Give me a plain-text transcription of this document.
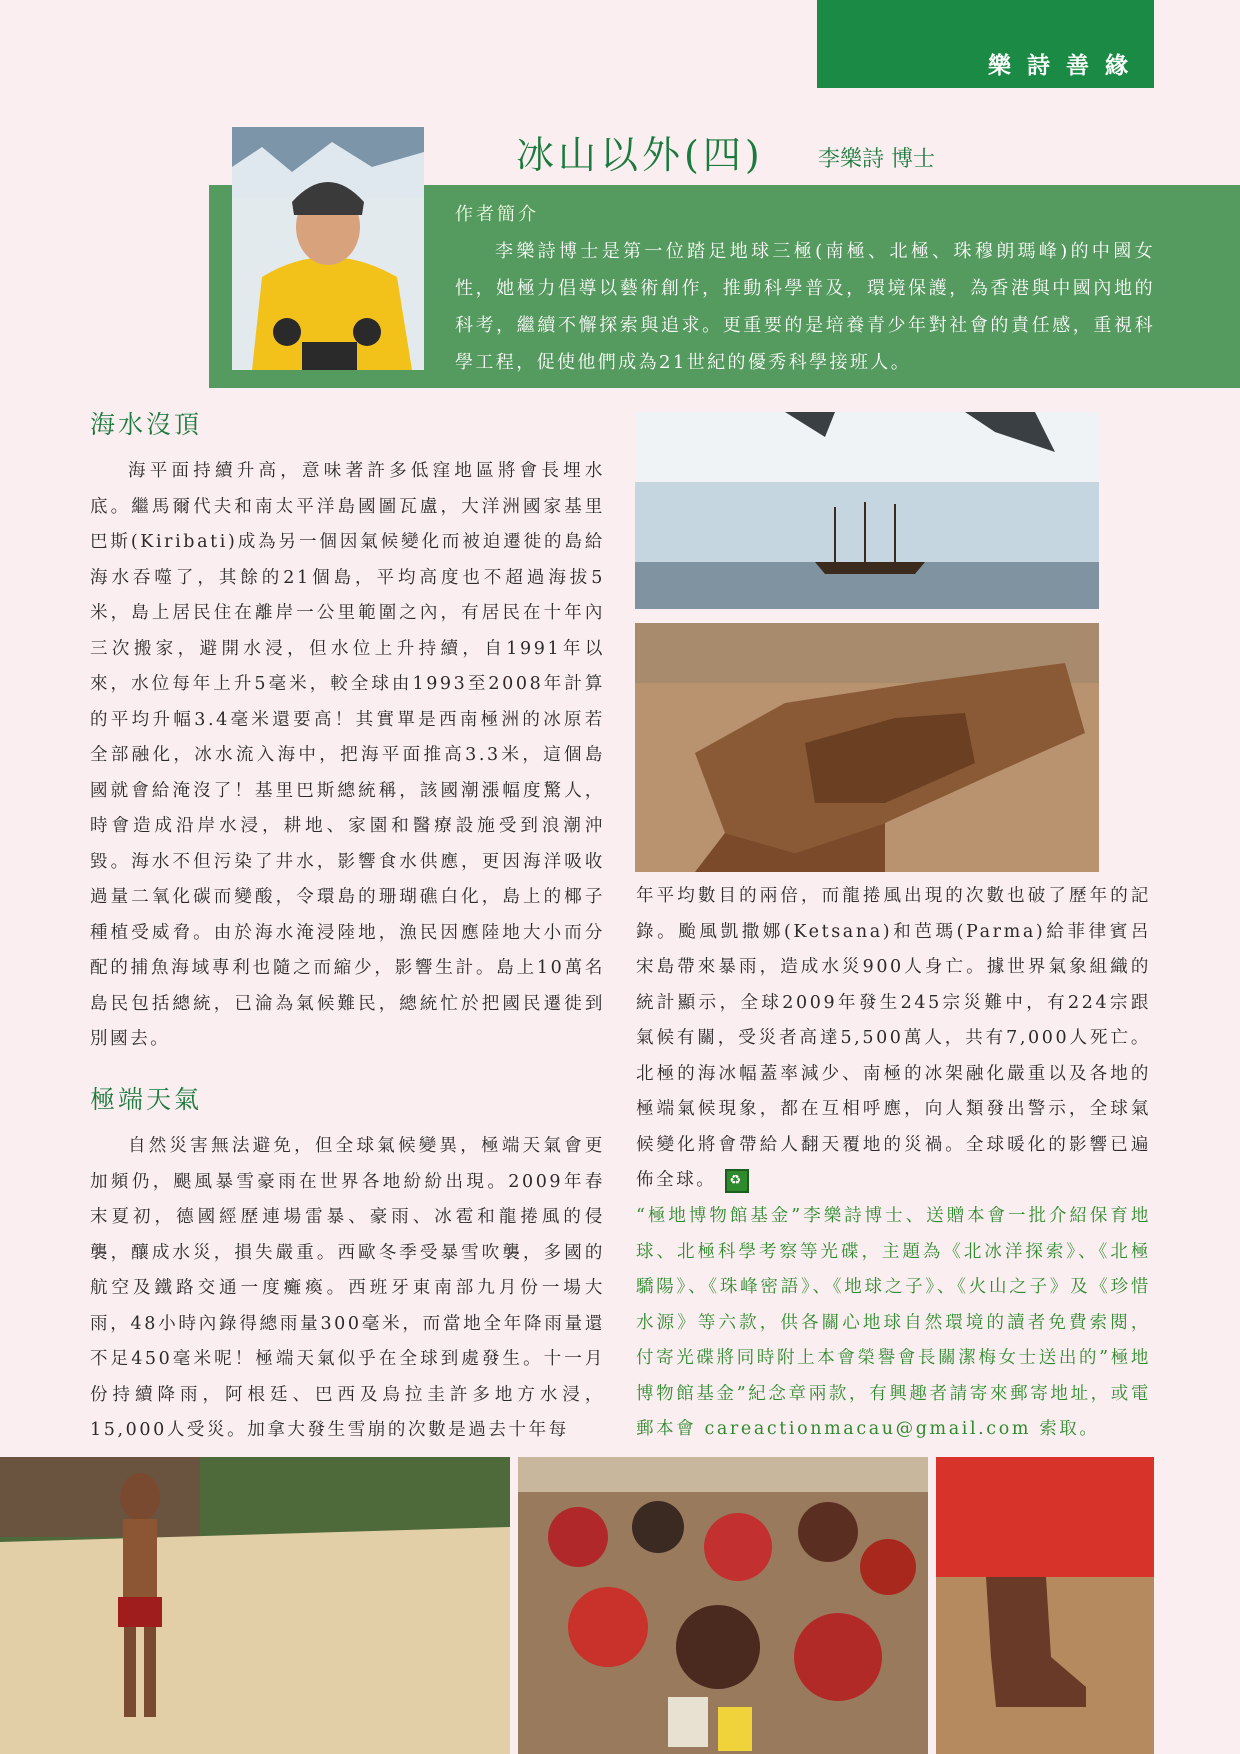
樂詩善緣
冰山以外(四) 李樂詩 博士
作者簡介

李樂詩博士是第一位踏足地球三極(南極、北極、珠穆朗瑪峰)的中國女性，她極力倡導以藝術創作，推動科學普及，環境保護，為香港與中國內地的科考，繼續不懈探索與追求。更重要的是培養青少年對社會的責任感，重視科學工程，促使他們成為21世紀的優秀科學接班人。

海水沒頂

海平面持續升高，意味著許多低窪地區將會長埋水底。繼馬爾代夫和南太平洋島國圖瓦盧，大洋洲國家基里巴斯(Kiribati)成為另一個因氣候變化而被迫遷徙的島給海水吞噬了，其餘的21個島，平均高度也不超過海拔5米，島上居民住在離岸一公里範圍之內，有居民在十年內三次搬家，避開水浸，但水位上升持續，自1991年以來，水位每年上升5毫米，較全球由1993至2008年計算的平均升幅3.4毫米還要高！其實單是西南極洲的冰原若全部融化，冰水流入海中，把海平面推高3.3米，這個島國就會給淹沒了！基里巴斯總統稱，該國潮漲幅度驚人，時會造成沿岸水浸，耕地、家園和醫療設施受到浪潮沖毀。海水不但污染了井水，影響食水供應，更因海洋吸收過量二氧化碳而變酸，令環島的珊瑚礁白化，島上的椰子種植受威脅。由於海水淹浸陸地，漁民因應陸地大小而分配的捕魚海域專利也隨之而縮少，影響生計。島上10萬名島民包括總統，已淪為氣候難民，總統忙於把國民遷徙到別國去。

極端天氣

自然災害無法避免，但全球氣候變異，極端天氣會更加頻仍，颶風暴雪豪雨在世界各地紛紛出現。2009年春末夏初，德國經歷連場雷暴、豪雨、冰雹和龍捲風的侵襲，釀成水災，損失嚴重。西歐冬季受暴雪吹襲，多國的航空及鐵路交通一度癱瘓。西班牙東南部九月份一場大雨，48小時內錄得總雨量300毫米，而當地全年降雨量還不足450毫米呢！極端天氣似乎在全球到處發生。十一月份持續降雨，阿根廷、巴西及烏拉圭許多地方水浸，15,000人受災。加拿大發生雪崩的次數是過去十年每

年平均數目的兩倍，而龍捲風出現的次數也破了歷年的記錄。颱風凱撒娜(Ketsana)和芭瑪(Parma)給菲律賓呂宋島帶來暴雨，造成水災900人身亡。據世界氣象組織的統計顯示，全球2009年發生245宗災難中，有224宗跟氣候有關，受災者高達5,500萬人，共有7,000人死亡。北極的海冰幅蓋率減少、南極的冰架融化嚴重以及各地的極端氣候現象，都在互相呼應，向人類發出警示，全球氣候變化將會帶給人翻天覆地的災禍。全球暖化的影響已遍佈全球。 ♻

“極地博物館基金”李樂詩博士、送贈本會一批介紹保育地球、北極科學考察等光碟，主題為《北冰洋探索》、《北極驕陽》、《珠峰密語》、《地球之子》、《火山之子》及《珍惜水源》等六款，供各關心地球自然環境的讀者免費索閱，付寄光碟將同時附上本會榮譽會長關潔梅女士送出的”極地博物館基金”紀念章兩款，有興趣者請寄來郵寄地址，或電郵本會 careactionmacau@gmail.com 索取。
